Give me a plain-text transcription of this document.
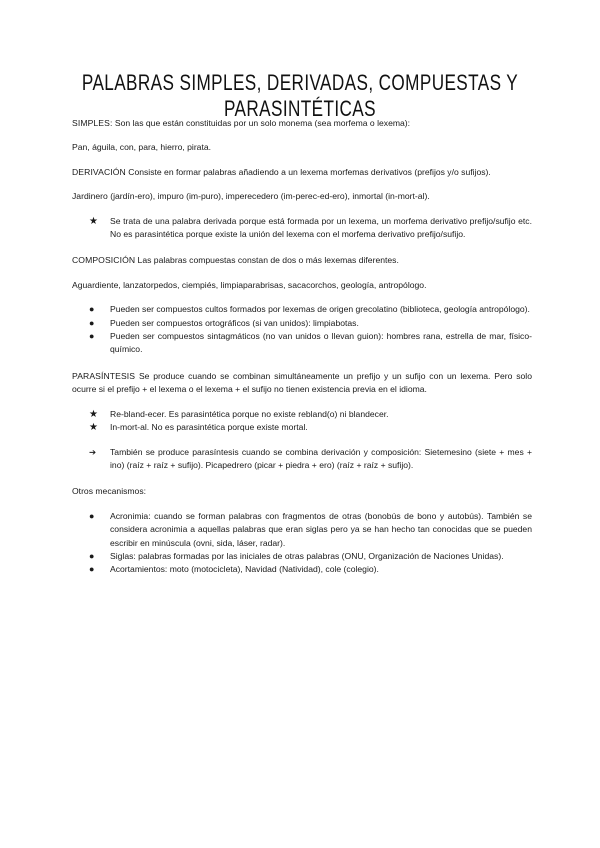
PALABRAS SIMPLES, DERIVADAS, COMPUESTAS Y PARASINTÉTICAS

SIMPLES: Son las que están constituidas por un solo monema (sea morfema o lexema):

Pan, águila, con, para, hierro, pirata.

DERIVACIÓN Consiste en formar palabras añadiendo a un lexema morfemas derivativos (prefijos y/o sufijos).

Jardinero (jardín-ero), impuro (im-puro), imperecedero (im-perec-ed-ero), inmortal (in-mort-al).

★	Se trata de una palabra derivada porque está formada por un lexema, un morfema derivativo prefijo/sufijo etc. No es parasintética porque existe la unión del lexema con el morfema derivativo prefijo/sufijo.

COMPOSICIÓN Las palabras compuestas constan de dos o más lexemas diferentes.

Aguardiente, lanzatorpedos, ciempiés, limpiaparabrisas, sacacorchos, geología, antropólogo.

●	Pueden ser compuestos cultos formados por lexemas de origen grecolatino (biblioteca, geología antropólogo).
●	Pueden ser compuestos ortográficos (si van unidos): limpiabotas.
●	Pueden ser compuestos sintagmáticos (no van unidos o llevan guion): hombres rana, estrella de mar, físico-químico.

PARASÍNTESIS Se produce cuando se combinan simultáneamente un prefijo y un sufijo con un lexema. Pero solo ocurre si el prefijo + el lexema o el lexema + el sufijo no tienen existencia previa en el idioma.

★	Re-bland-ecer. Es parasintética porque no existe rebland(o) ni blandecer.
★	In-mort-al. No es parasintética porque existe mortal.
➔	También se produce parasíntesis cuando se combina derivación y composición: Sietemesino (siete + mes + ino) (raíz + raíz + sufijo). Picapedrero (picar + piedra + ero) (raíz + raíz + sufijo).

Otros mecanismos:

●	Acronimia: cuando se forman palabras con fragmentos de otras (bonobús de bono y autobús). También se considera acronimia a aquellas palabras que eran siglas pero ya se han hecho tan conocidas que se pueden escribir en minúscula (ovni, sida, láser, radar).
●	Siglas: palabras formadas por las iniciales de otras palabras (ONU, Organización de Naciones Unidas).
●	Acortamientos: moto (motocicleta), Navidad (Natividad), cole (colegio).
